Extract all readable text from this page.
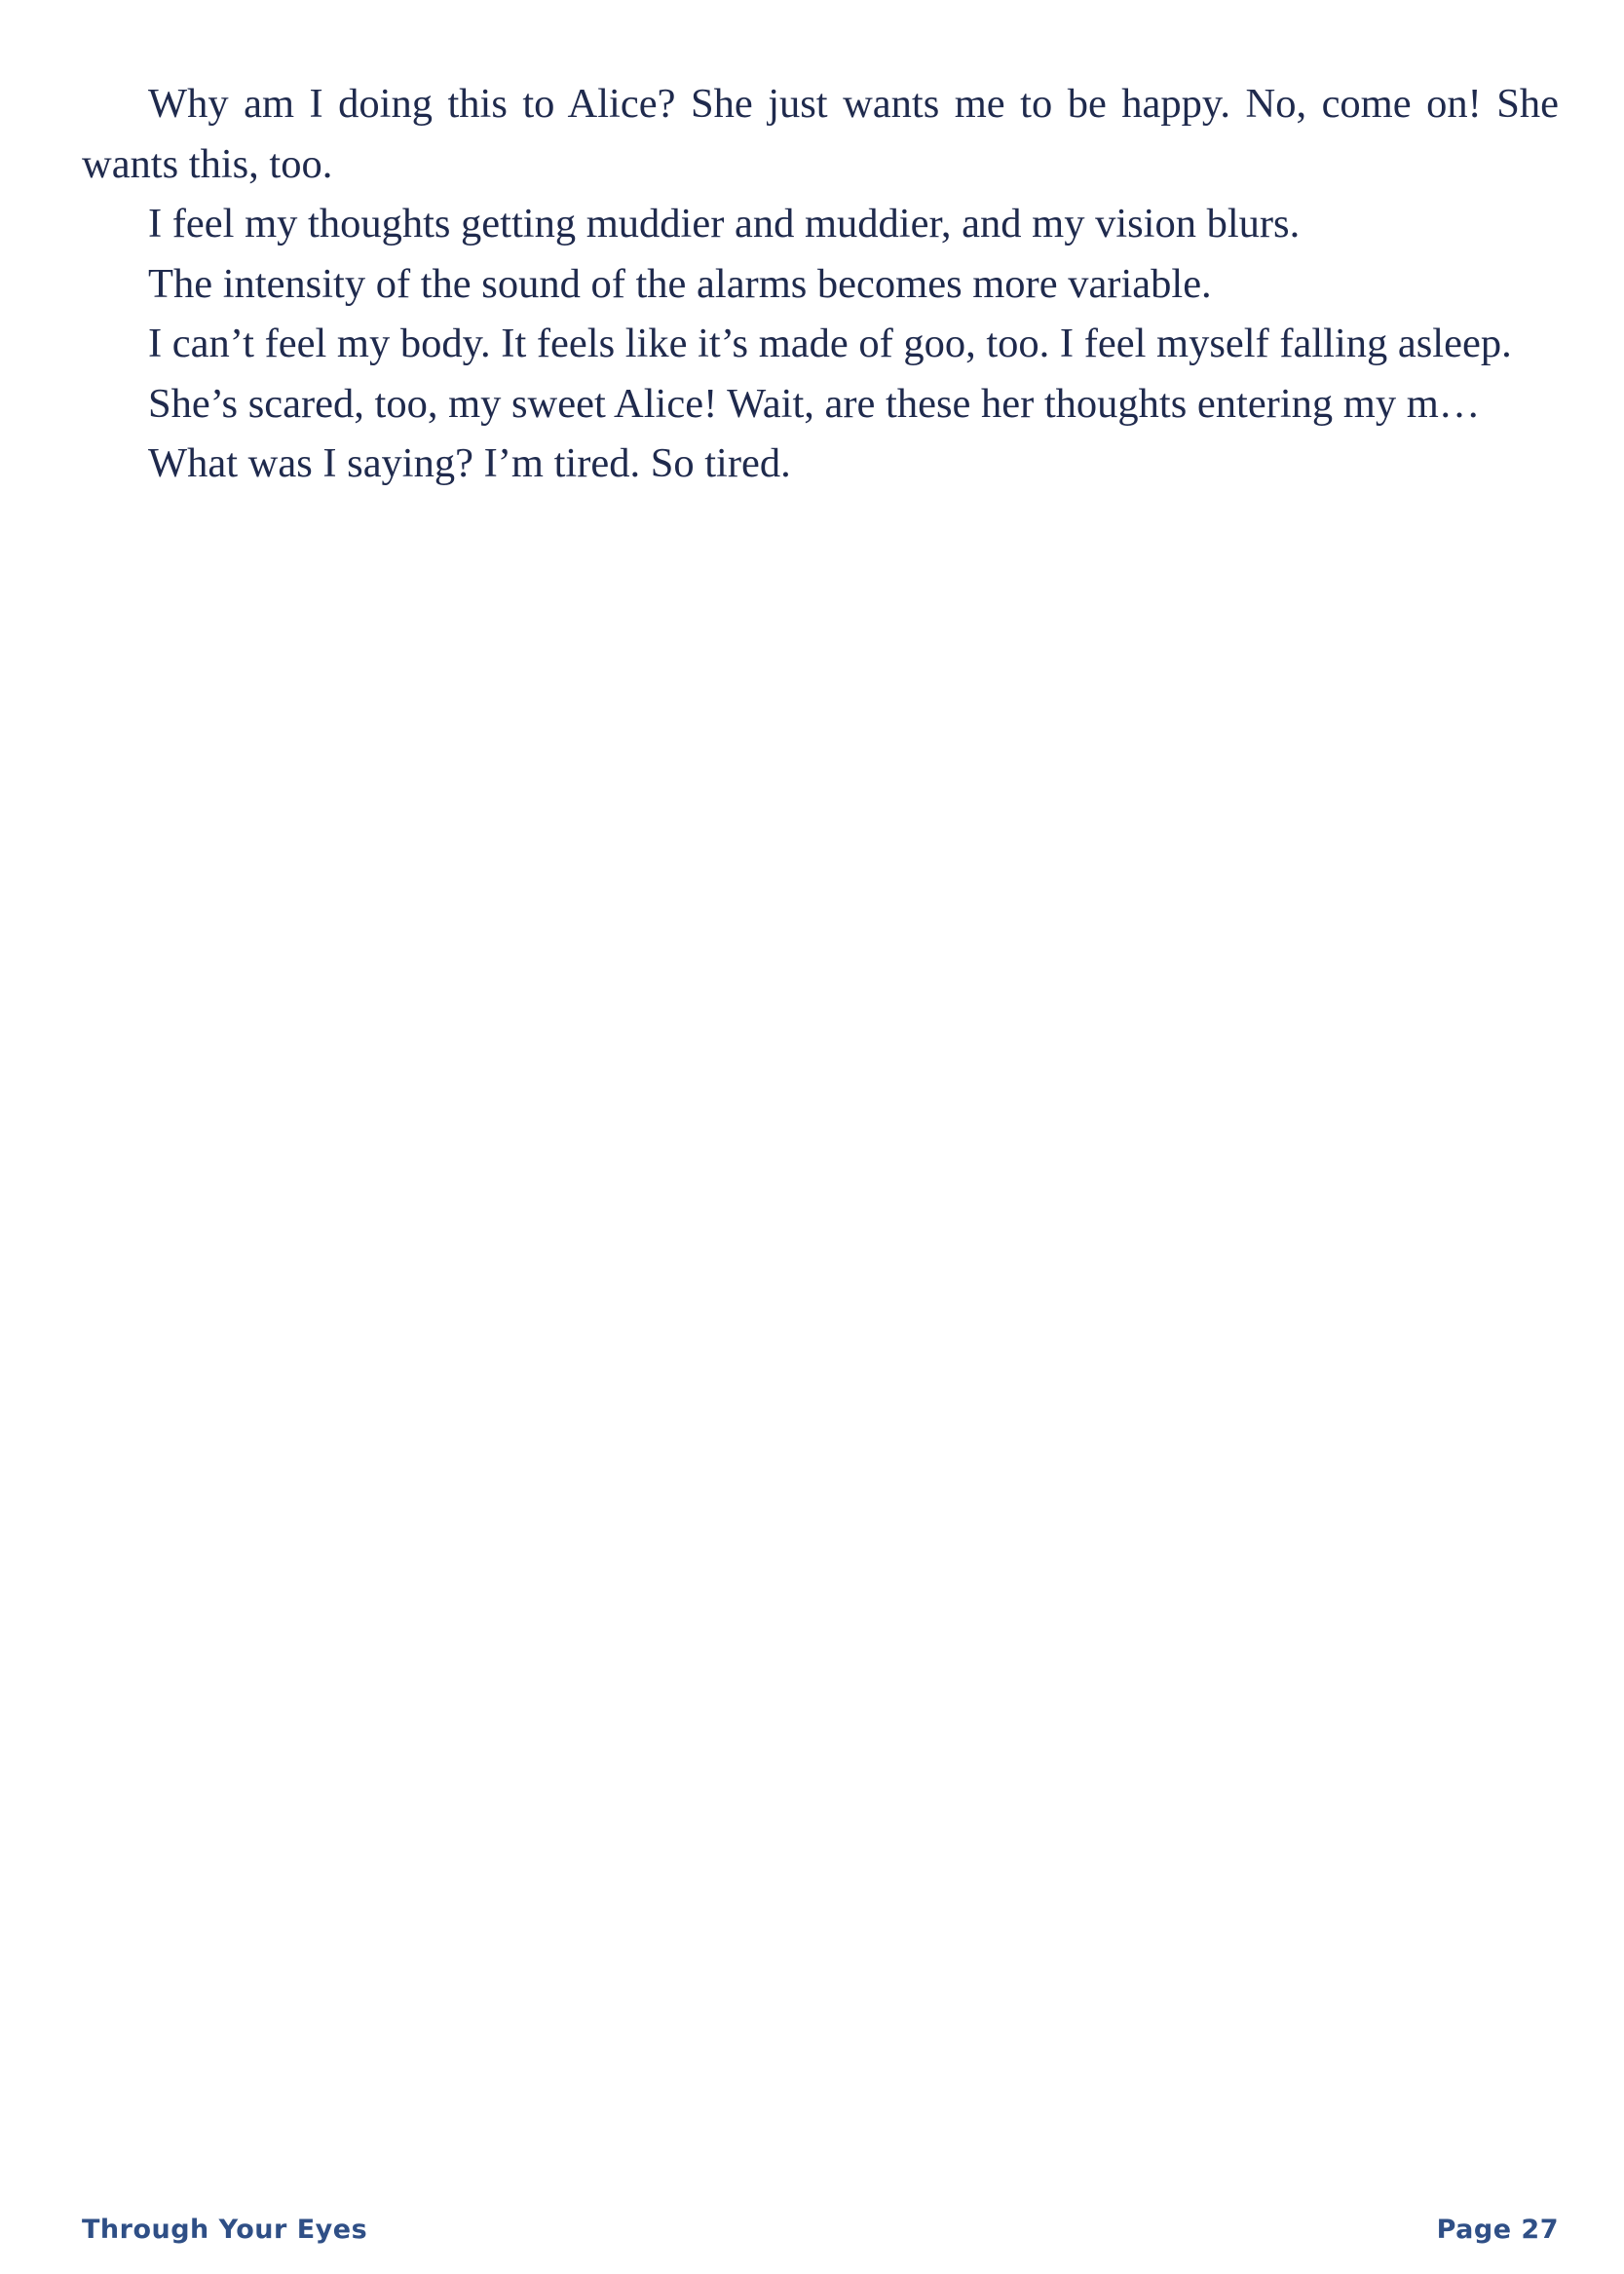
Why am I doing this to Alice? She just wants me to be happy. No, come on! She wants this, too.

I feel my thoughts getting muddier and muddier, and my vision blurs.

The intensity of the sound of the alarms becomes more variable.

I can’t feel my body. It feels like it’s made of goo, too. I feel myself falling asleep.

She’s scared, too, my sweet Alice! Wait, are these her thoughts entering my m…

What was I saying? I’m tired. So tired.

Through Your Eyes	Page 27
